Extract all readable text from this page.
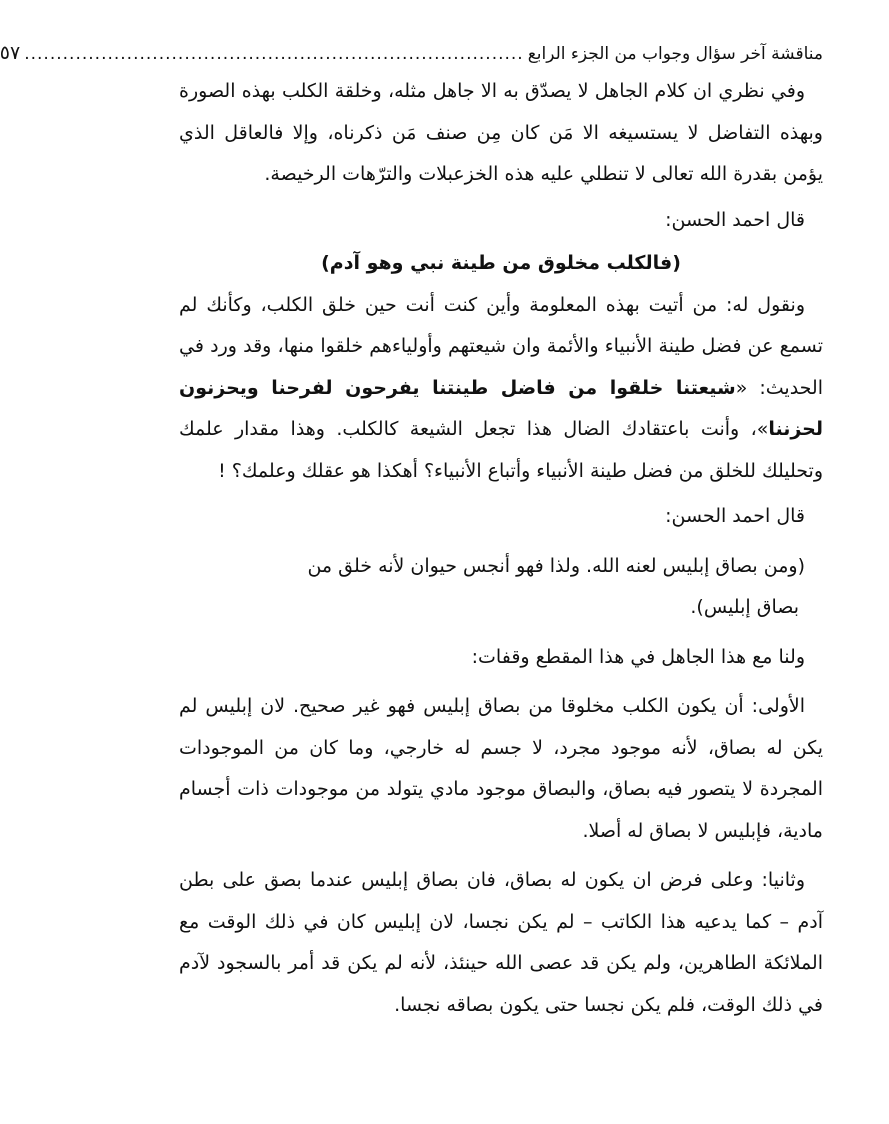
مناقشة آخر سؤال وجواب من الجزء الرابع
..............................................................................
٥٧

وفي نظري ان كلام الجاهل لا يصدّق به الا جاهل مثله، وخلقة الكلب بهذه الصورة وبهذه التفاضل لا يستسيغه الا مَن كان مِن صنف مَن ذكرناه، وإلا فالعاقل الذي يؤمن بقدرة الله تعالى لا تنطلي عليه هذه الخزعبلات والترّهات الرخيصة.

قال احمد الحسن:

(فالكلب مخلوق من طينة نبي وهو آدم)

ونقول له: من أتيت بهذه المعلومة وأين كنت أنت حين خلق الكلب، وكأنك لم تسمع عن فضل طينة الأنبياء والأئمة وان شيعتهم وأولياءهم خلقوا منها، وقد ورد في الحديث: «شيعتنا خلقوا من فاضل طينتنا يفرحون لفرحنا ويحزنون لحزننا»، وأنت باعتقادك الضال هذا تجعل الشيعة كالكلب. وهذا مقدار علمك وتحليلك للخلق من فضل طينة الأنبياء وأتباع الأنبياء؟ أهكذا هو عقلك وعلمك؟ !

قال احمد الحسن:

(ومن بصاق إبليس لعنه الله. ولذا فهو أنجس حيوان لأنه خلق من

بصاق إبليس).

ولنا مع هذا الجاهل في هذا المقطع وقفات:

الأولى: أن يكون الكلب مخلوقا من بصاق إبليس فهو غير صحيح. لان إبليس لم يكن له بصاق، لأنه موجود مجرد، لا جسم له خارجي، وما كان من الموجودات المجردة لا يتصور فيه بصاق، والبصاق موجود مادي يتولد من موجودات ذات أجسام مادية، فإبليس لا بصاق له أصلا.

وثانيا: وعلى فرض ان يكون له بصاق، فان بصاق إبليس عندما بصق على بطن آدم – كما يدعيه هذا الكاتب – لم يكن نجسا، لان إبليس كان في ذلك الوقت مع الملائكة الطاهرين، ولم يكن قد عصى الله حينئذ، لأنه لم يكن قد أمر بالسجود لآدم في ذلك الوقت، فلم يكن نجسا حتى يكون بصاقه نجسا.
